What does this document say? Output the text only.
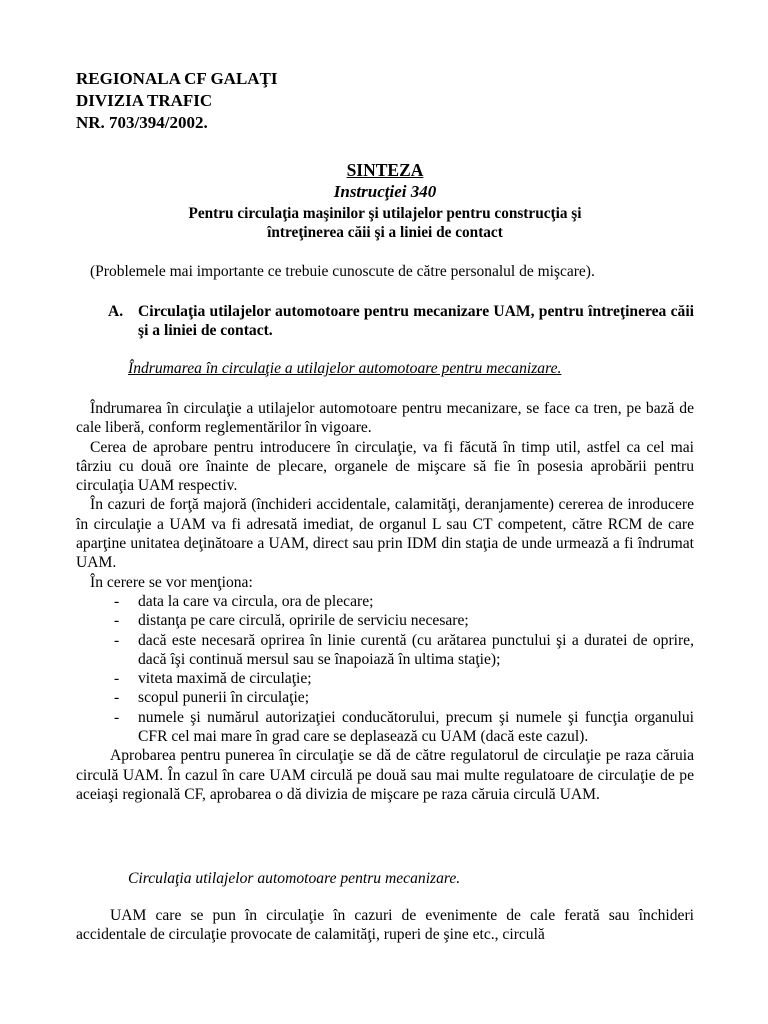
REGIONALA CF GALAŢI
DIVIZIA TRAFIC
NR. 703/394/2002.
SINTEZA
Instrucţiei 340
Pentru circulaţia maşinilor şi utilajelor pentru construcţia şi
întreţinerea căii şi a liniei de contact
(Problemele mai importante ce trebuie cunoscute de către personalul de mişcare).
A. Circulaţia utilajelor automotoare pentru mecanizare UAM, pentru întreţinerea căii şi a liniei de contact.
Îndrumarea în circulaţie a utilajelor automotoare pentru mecanizare.

Îndrumarea în circulaţie a utilajelor automotoare pentru mecanizare, se face ca tren, pe bază de cale liberă, conform reglementărilor în vigoare.

Cerea de aprobare pentru introducere în circulaţie, va fi făcută în timp util, astfel ca cel mai târziu cu două ore înainte de plecare, organele de mişcare să fie în posesia aprobării pentru circulaţia UAM respectiv.

În cazuri de forţă majoră (închideri accidentale, calamităţi, deranjamente) cererea de inroducere în circulaţie a UAM va fi adresată imediat, de organul L sau CT competent, către RCM de care aparţine unitatea deţinătoare a UAM, direct sau prin IDM din staţia de unde urmează a fi îndrumat UAM.

În cerere se vor menţiona:

- data la care va circula, ora de plecare;
- distanţa pe care circulă, opririle de serviciu necesare;
- dacă este necesară oprirea în linie curentă (cu arătarea punctului şi a duratei de oprire, dacă îşi continuă mersul sau se înapoiază în ultima staţie);
- viteta maximă de circulaţie;
- scopul punerii în circulaţie;
- numele şi numărul autorizaţiei conducătorului, precum şi numele şi funcţia organului CFR cel mai mare în grad care se deplasează cu UAM (dacă este cazul).

Aprobarea pentru punerea în circulaţie se dă de către regulatorul de circulaţie pe raza căruia circulă UAM. În cazul în care UAM circulă pe două sau mai multe regulatoare de circulaţie de pe aceiaşi regională CF, aprobarea o dă divizia de mişcare pe raza căruia circulă UAM.

Circulaţia utilajelor automotoare pentru mecanizare.

UAM care se pun în circulaţie în cazuri de evenimente de cale ferată sau închideri accidentale de circulaţie provocate de calamităţi, ruperi de şine etc., circulă
